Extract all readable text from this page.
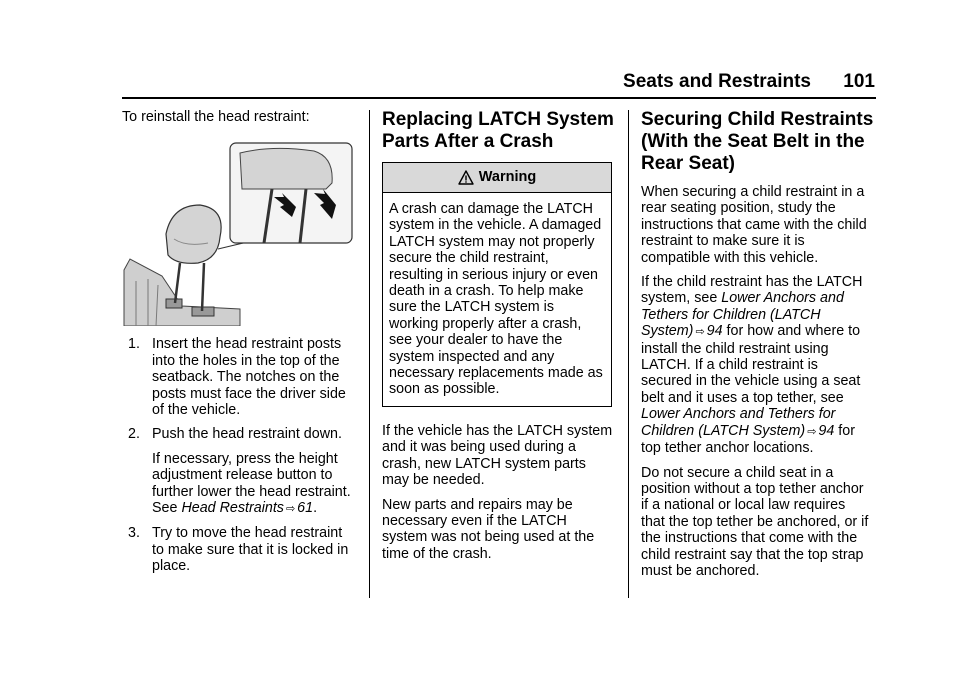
Seats and Restraints 101

To reinstall the head restraint:

1. Insert the head restraint posts
into the holes in the top of the
seatback. The notches on the
posts must face the driver side
of the vehicle.

2. Push the head restraint down.

If necessary, press the height
adjustment release button to
further lower the head restraint.
See Head Restraints ⇨ 61.

3. Try to move the head restraint
to make sure that it is locked in
place.

Replacing LATCH System
Parts After a Crash
Warning
A crash can damage the LATCH
system in the vehicle. A damaged
LATCH system may not properly
secure the child restraint,
resulting in serious injury or even
death in a crash. To help make
sure the LATCH system is
working properly after a crash,
see your dealer to have the
system inspected and any
necessary replacements made as
soon as possible.

If the vehicle has the LATCH system
and it was being used during a
crash, new LATCH system parts
may be needed.

New parts and repairs may be
necessary even if the LATCH
system was not being used at the
time of the crash.

Securing Child Restraints
(With the Seat Belt in the
Rear Seat)

When securing a child restraint in a
rear seating position, study the
instructions that came with the child
restraint to make sure it is
compatible with this vehicle.

If the child restraint has the LATCH
system, see Lower Anchors and
Tethers for Children (LATCH
System) ⇨ 94 for how and where to
install the child restraint using
LATCH. If a child restraint is
secured in the vehicle using a seat
belt and it uses a top tether, see
Lower Anchors and Tethers for
Children (LATCH System) ⇨ 94 for
top tether anchor locations.

Do not secure a child seat in a
position without a top tether anchor
if a national or local law requires
that the top tether be anchored, or if
the instructions that come with the
child restraint say that the top strap
must be anchored.
